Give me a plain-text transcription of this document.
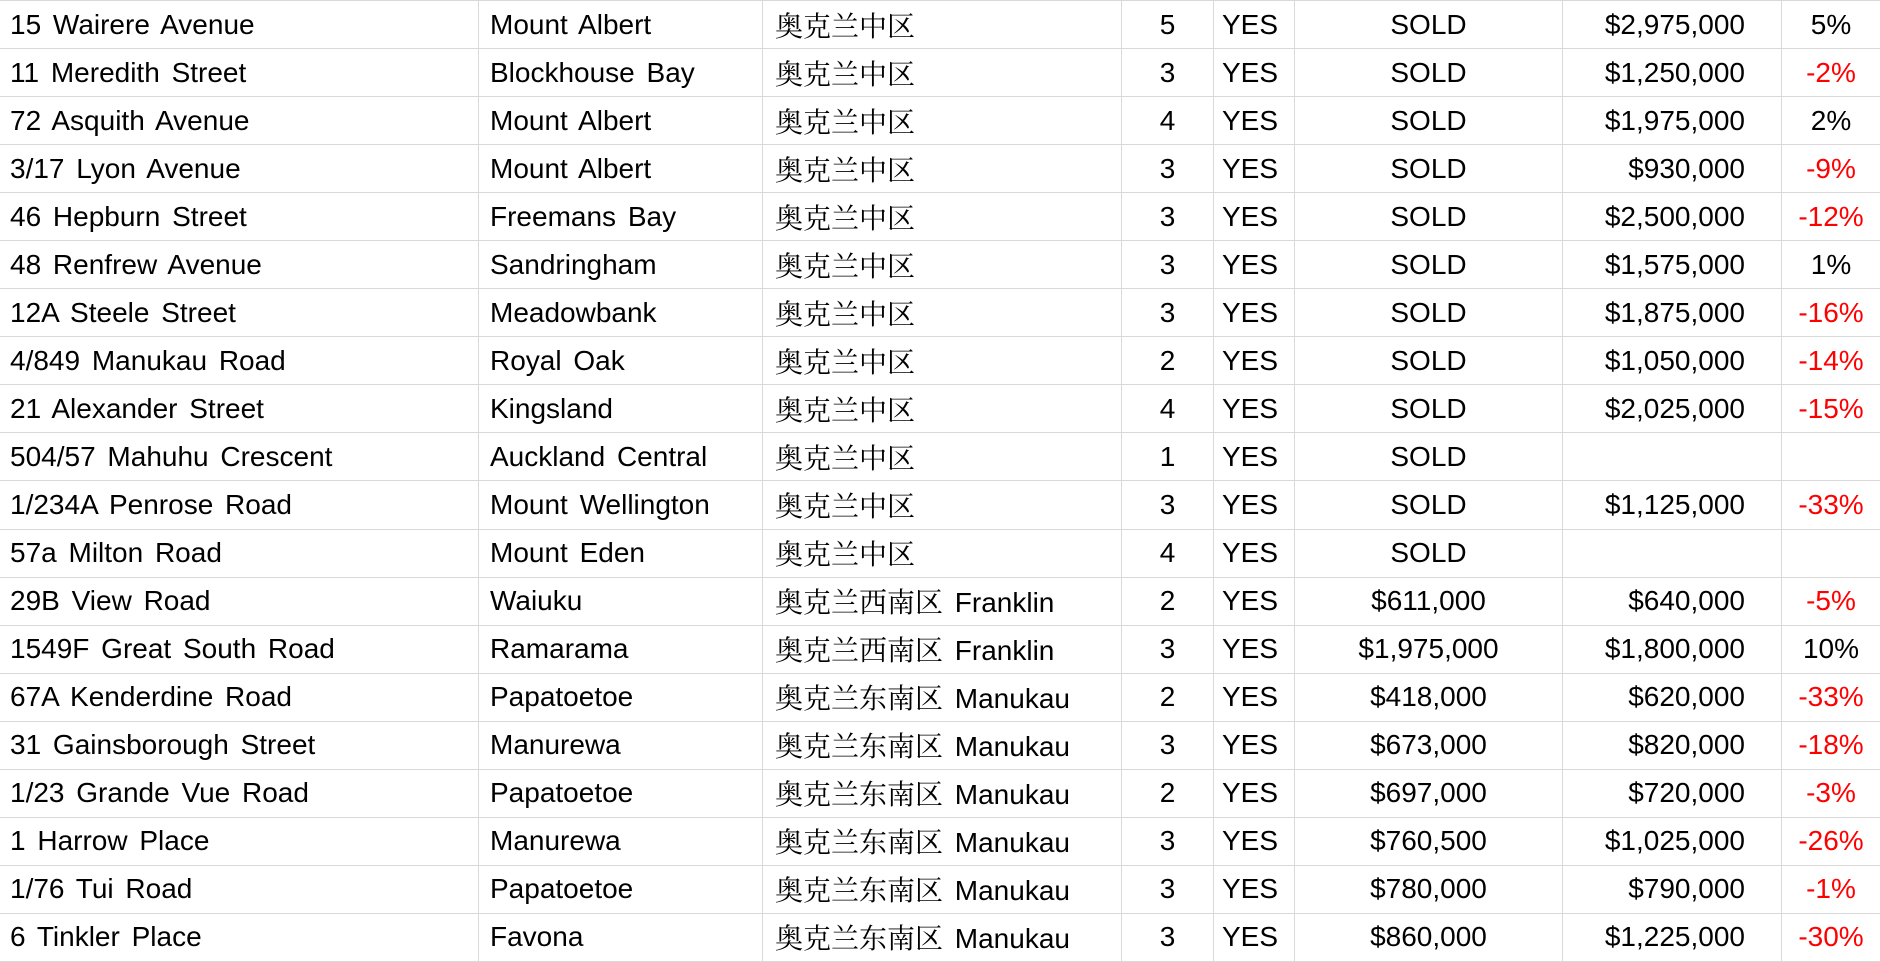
15 Wairere Avenue	Mount Albert	奥克兰中区	5	YES	SOLD	$2,975,000	5%
11 Meredith Street	Blockhouse Bay	奥克兰中区	3	YES	SOLD	$1,250,000	-2%
72 Asquith Avenue	Mount Albert	奥克兰中区	4	YES	SOLD	$1,975,000	2%
3/17 Lyon Avenue	Mount Albert	奥克兰中区	3	YES	SOLD	$930,000	-9%
46 Hepburn Street	Freemans Bay	奥克兰中区	3	YES	SOLD	$2,500,000	-12%
48 Renfrew Avenue	Sandringham	奥克兰中区	3	YES	SOLD	$1,575,000	1%
12A Steele Street	Meadowbank	奥克兰中区	3	YES	SOLD	$1,875,000	-16%
4/849 Manukau Road	Royal Oak	奥克兰中区	2	YES	SOLD	$1,050,000	-14%
21 Alexander Street	Kingsland	奥克兰中区	4	YES	SOLD	$2,025,000	-15%
504/57 Mahuhu Crescent	Auckland Central	奥克兰中区	1	YES	SOLD
1/234A Penrose Road	Mount Wellington	奥克兰中区	3	YES	SOLD	$1,125,000	-33%
57a Milton Road	Mount Eden	奥克兰中区	4	YES	SOLD
29B View Road	Waiuku	奥克兰西南区 Franklin	2	YES	$611,000	$640,000	-5%
1549F Great South Road	Ramarama	奥克兰西南区 Franklin	3	YES	$1,975,000	$1,800,000	10%
67A Kenderdine Road	Papatoetoe	奥克兰东南区 Manukau	2	YES	$418,000	$620,000	-33%
31 Gainsborough Street	Manurewa	奥克兰东南区 Manukau	3	YES	$673,000	$820,000	-18%
1/23 Grande Vue Road	Papatoetoe	奥克兰东南区 Manukau	2	YES	$697,000	$720,000	-3%
1 Harrow Place	Manurewa	奥克兰东南区 Manukau	3	YES	$760,500	$1,025,000	-26%
1/76 Tui Road	Papatoetoe	奥克兰东南区 Manukau	3	YES	$780,000	$790,000	-1%
6 Tinkler Place	Favona	奥克兰东南区 Manukau	3	YES	$860,000	$1,225,000	-30%
